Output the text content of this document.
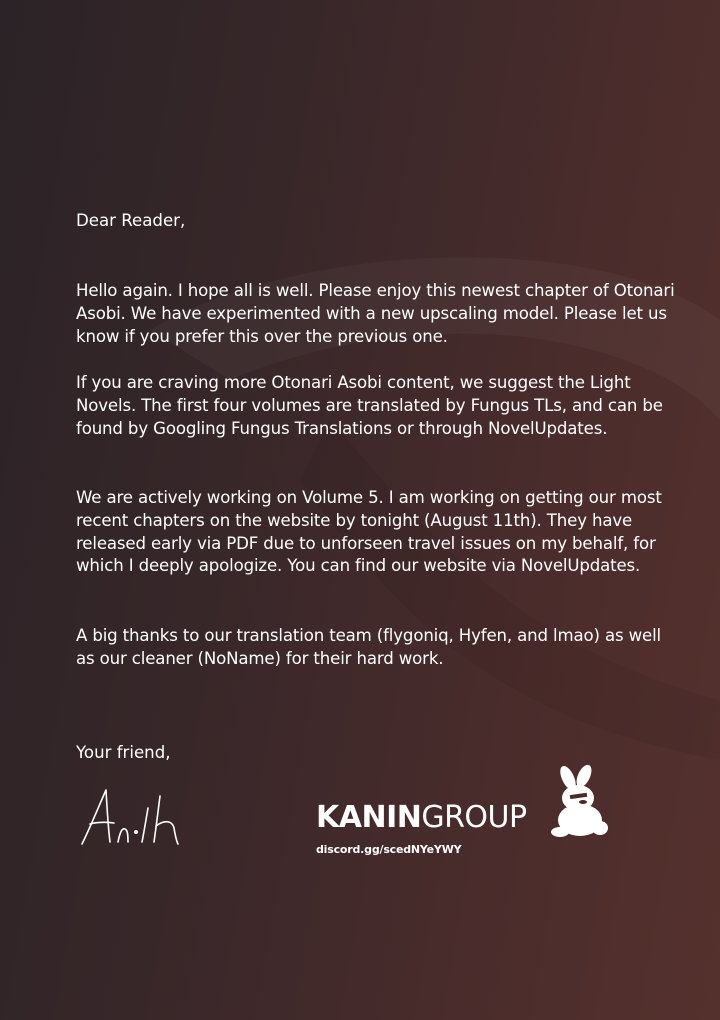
Dear Reader,
Hello again. I hope all is well. Please enjoy this newest chapter of Otonari Asobi. We have experimented with a new upscaling model. Please let us know if you prefer this over the previous one.
If you are craving more Otonari Asobi content, we suggest the Light Novels. The first four volumes are translated by Fungus TLs, and can be found by Googling Fungus Translations or through NovelUpdates.
We are actively working on Volume 5. I am working on getting our most recent chapters on the website by tonight (August 11th). They have released early via PDF due to unforseen travel issues on my behalf, for which I deeply apologize. You can find our website via NovelUpdates.
A big thanks to our translation team (flygoniq, Hyfen, and lmao) as well as our cleaner (NoName) for their hard work.
Your friend,
KANINGROUP
discord.gg/scedNYeYWY
